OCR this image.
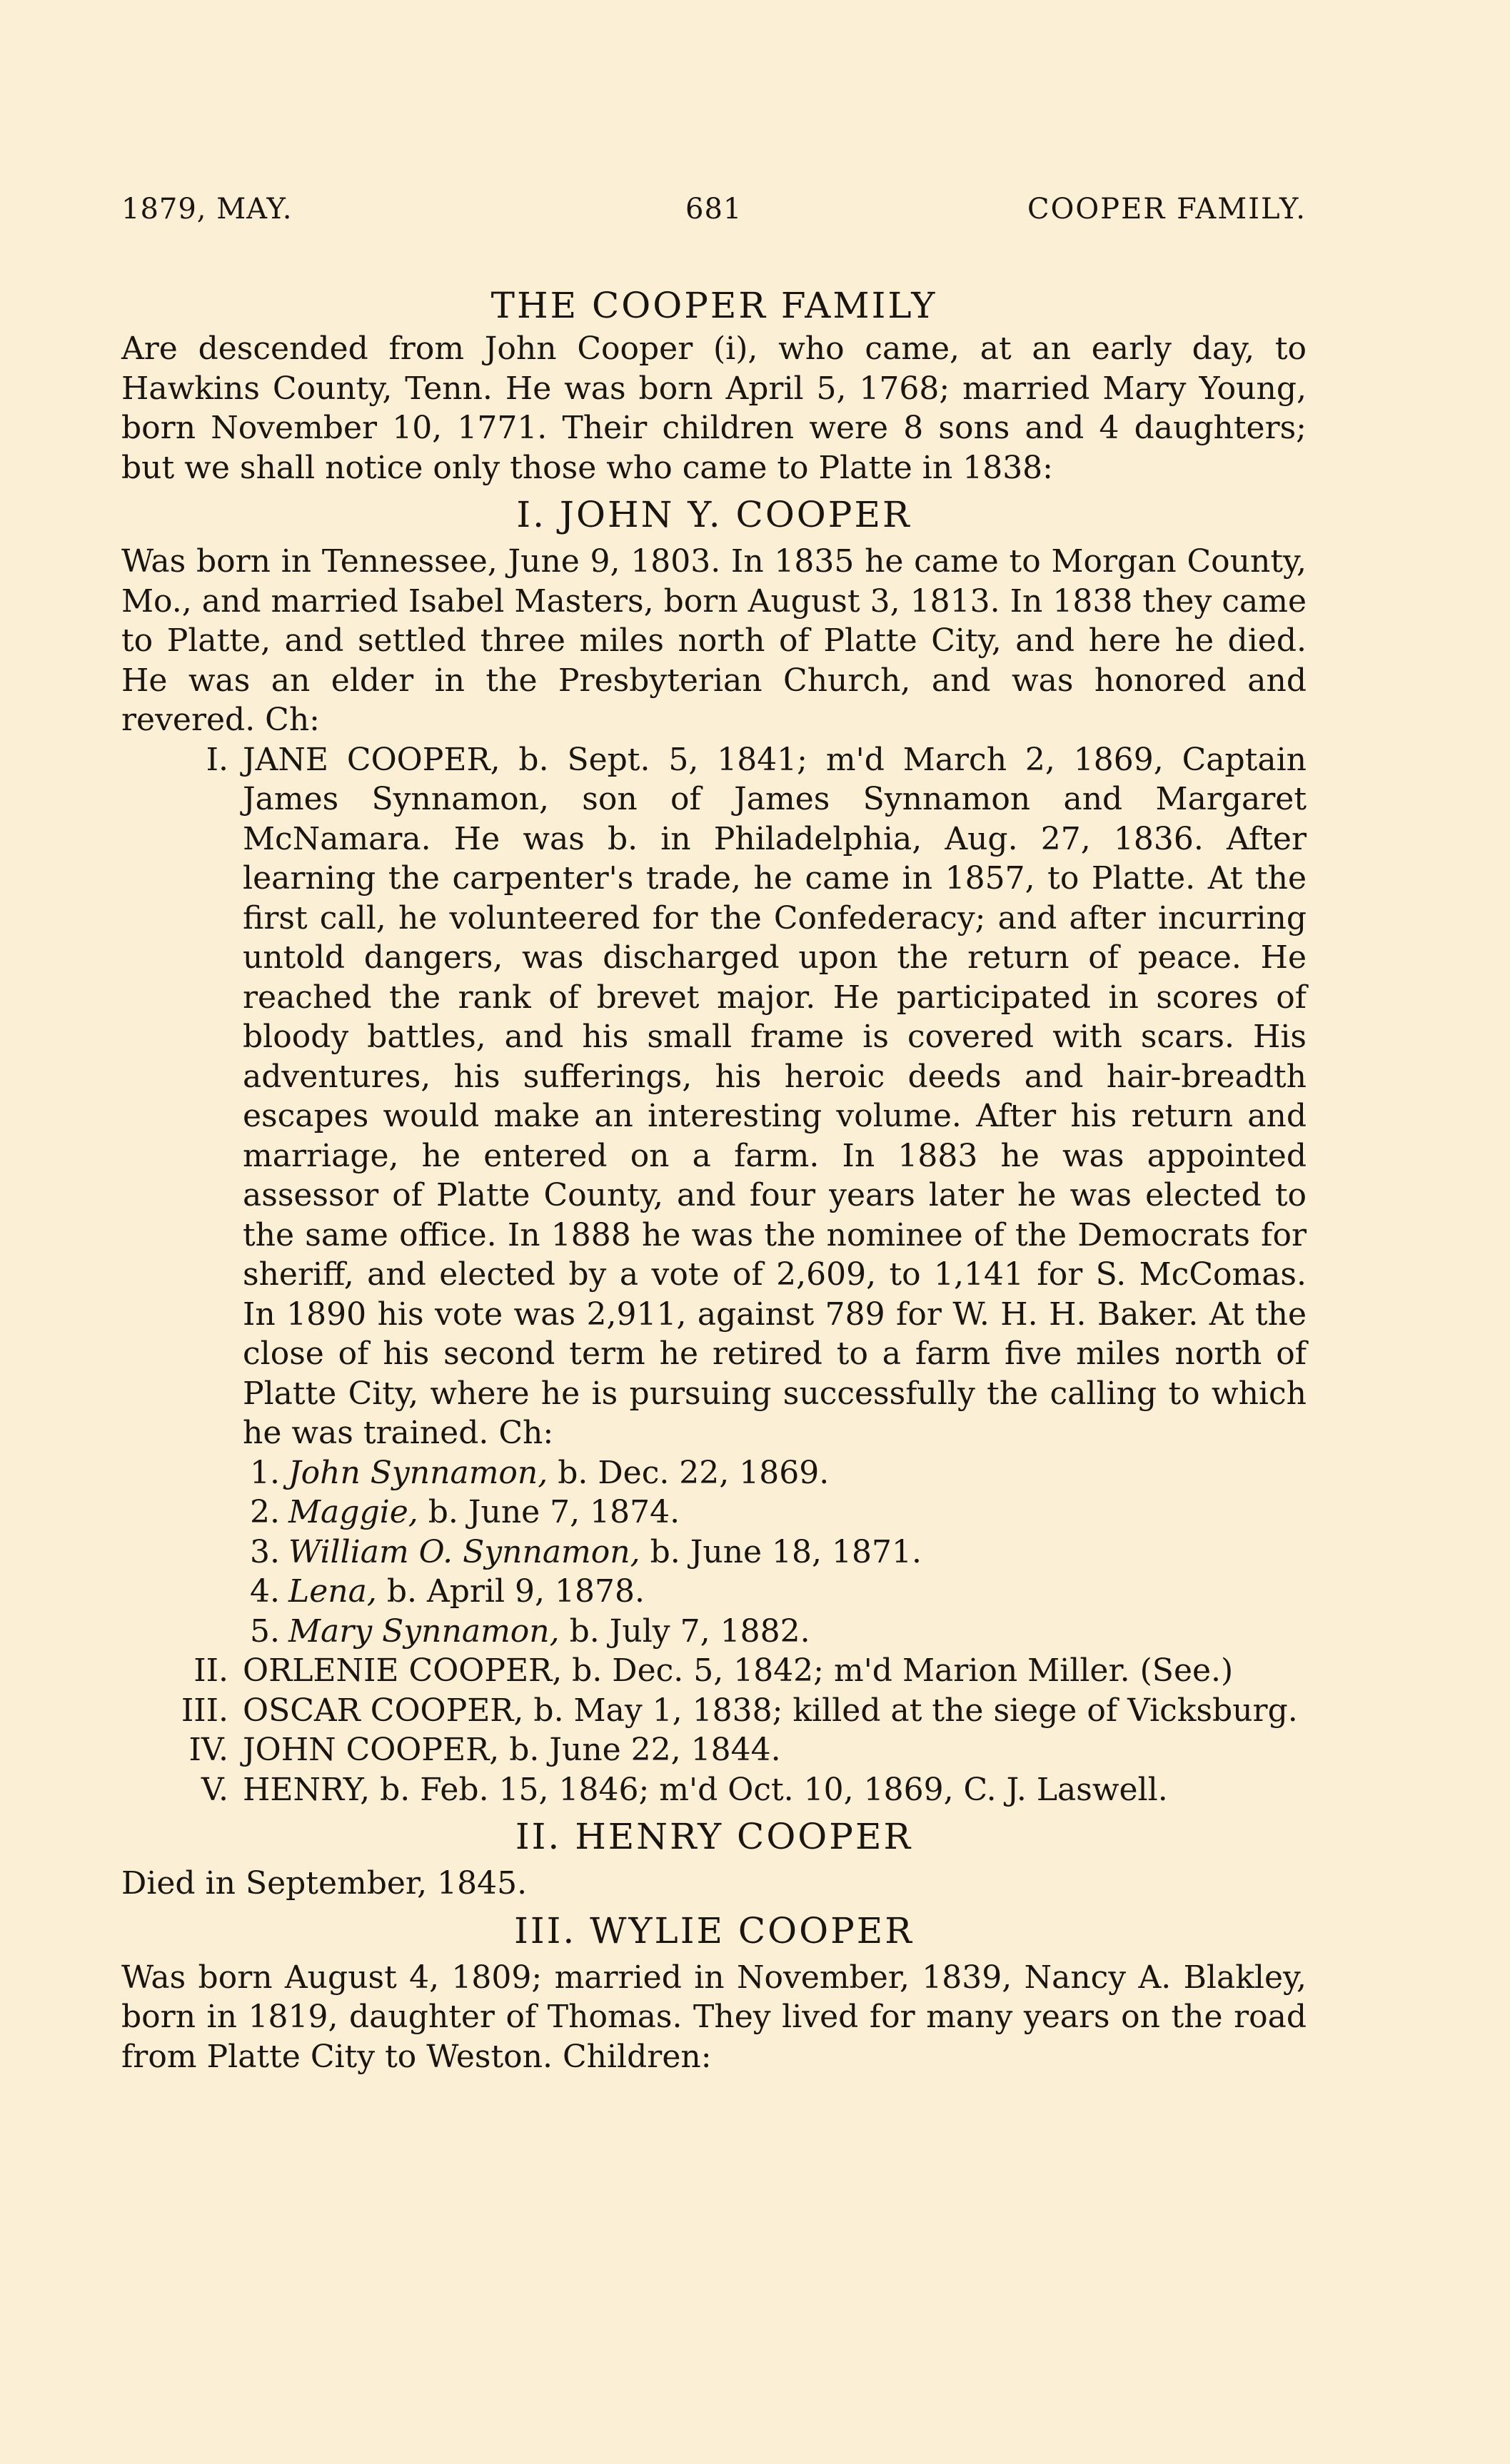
1879, MAY.	681	COOPER FAMILY.
THE COOPER FAMILY

Are descended from John Cooper (i), who came, at an early day, to Hawkins County, Tenn. He was born April 5, 1768; married Mary Young, born November 10, 1771. Their children were 8 sons and 4 daughters; but we shall notice only those who came to Platte in 1838:

I. JOHN Y. COOPER

Was born in Tennessee, June 9, 1803. In 1835 he came to Morgan County, Mo., and married Isabel Masters, born August 3, 1813. In 1838 they came to Platte, and settled three miles north of Platte City, and here he died. He was an elder in the Presbyterian Church, and was honored and revered. Ch:

I. JANE COOPER, b. Sept. 5, 1841; m'd March 2, 1869, Captain James Synnamon, son of James Synnamon and Margaret McNamara. He was b. in Philadelphia, Aug. 27, 1836. After learning the carpenter's trade, he came in 1857, to Platte. At the first call, he volunteered for the Confederacy; and after incurring untold dangers, was discharged upon the return of peace. He reached the rank of brevet major. He participated in scores of bloody battles, and his small frame is covered with scars. His adventures, his sufferings, his heroic deeds and hair-breadth escapes would make an interesting volume. After his return and marriage, he entered on a farm. In 1883 he was appointed assessor of Platte County, and four years later he was elected to the same office. In 1888 he was the nominee of the Democrats for sheriff, and elected by a vote of 2,609, to 1,141 for S. McComas. In 1890 his vote was 2,911, against 789 for W. H. H. Baker. At the close of his second term he retired to a farm five miles north of Platte City, where he is pursuing successfully the calling to which he was trained. Ch:
1. John Synnamon, b. Dec. 22, 1869.
2. Maggie, b. June 7, 1874.
3. William O. Synnamon, b. June 18, 1871.
4. Lena, b. April 9, 1878.
5. Mary Synnamon, b. July 7, 1882.
II. ORLENIE COOPER, b. Dec. 5, 1842; m'd Marion Miller. (See.)
III. OSCAR COOPER, b. May 1, 1838; killed at the siege of Vicksburg.
IV. JOHN COOPER, b. June 22, 1844.
V. HENRY, b. Feb. 15, 1846; m'd Oct. 10, 1869, C. J. Laswell.
II. HENRY COOPER

Died in September, 1845.

III. WYLIE COOPER

Was born August 4, 1809; married in November, 1839, Nancy A. Blakley, born in 1819, daughter of Thomas. They lived for many years on the road from Platte City to Weston. Children:
